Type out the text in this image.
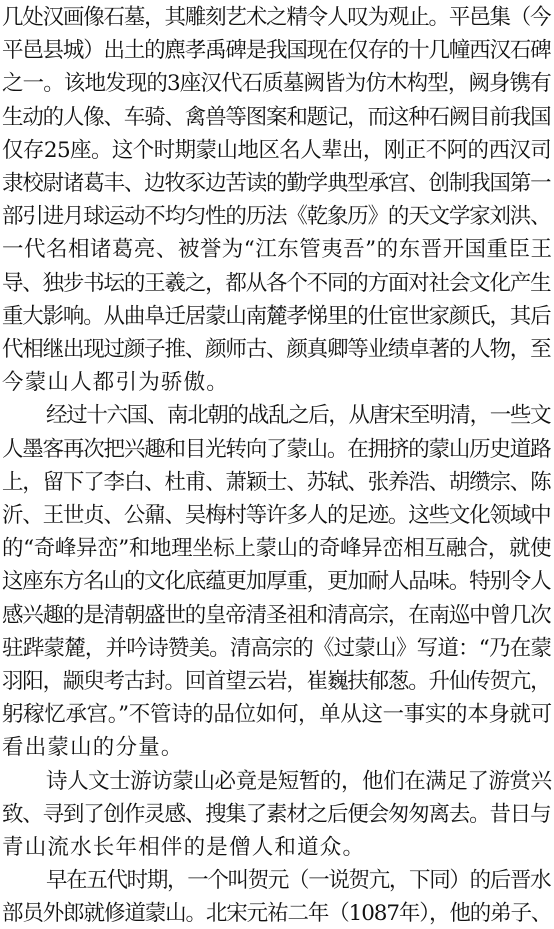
几处汉画像石墓，其雕刻艺术之精令人叹为观止。平邑集（今
平邑县城）出土的麃孝禹碑是我国现在仅存的十几幢西汉石碑
之一。该地发现的3座汉代石质墓阙皆为仿木构型，阙身镌有
生动的人像、车骑、禽兽等图案和题记，而这种石阙目前我国
仅存25座。这个时期蒙山地区名人辈出，刚正不阿的西汉司
隶校尉诸葛丰、边牧豕边苦读的勤学典型承宫、创制我国第一
部引进月球运动不均匀性的历法《乾象历》的天文学家刘洪、
一代名相诸葛亮、被誉为“江东管夷吾”的东晋开国重臣王
导、独步书坛的王羲之，都从各个不同的方面对社会文化产生
重大影响。从曲阜迁居蒙山南麓孝悌里的仕宦世家颜氏，其后
代相继出现过颜子推、颜师古、颜真卿等业绩卓著的人物，至
今蒙山人都引为骄傲。
经过十六国、南北朝的战乱之后，从唐宋至明清，一些文
人墨客再次把兴趣和目光转向了蒙山。在拥挤的蒙山历史道路
上，留下了李白、杜甫、萧颖士、苏轼、张养浩、胡缵宗、陈
沂、王世贞、公鼐、吴梅村等许多人的足迹。这些文化领域中
的“奇峰异峦”和地理坐标上蒙山的奇峰异峦相互融合，就使
这座东方名山的文化底蕴更加厚重，更加耐人品味。特别令人
感兴趣的是清朝盛世的皇帝清圣祖和清高宗，在南巡中曾几次
驻跸蒙麓，并吟诗赞美。清高宗的《过蒙山》写道：“乃在蒙
羽阳，颛臾考古封。回首望云岩，崔巍扶郁葱。升仙传贺亢，
躬稼忆承宫。”不管诗的品位如何，单从这一事实的本身就可
看出蒙山的分量。
诗人文士游访蒙山必竟是短暂的，他们在满足了游赏兴
致、寻到了创作灵感、搜集了素材之后便会匆匆离去。昔日与
青山流水长年相伴的是僧人和道众。
早在五代时期，一个叫贺元（一说贺亢，下同）的后晋水
部员外郎就修道蒙山。北宋元祐二年（1087年），他的弟子、
